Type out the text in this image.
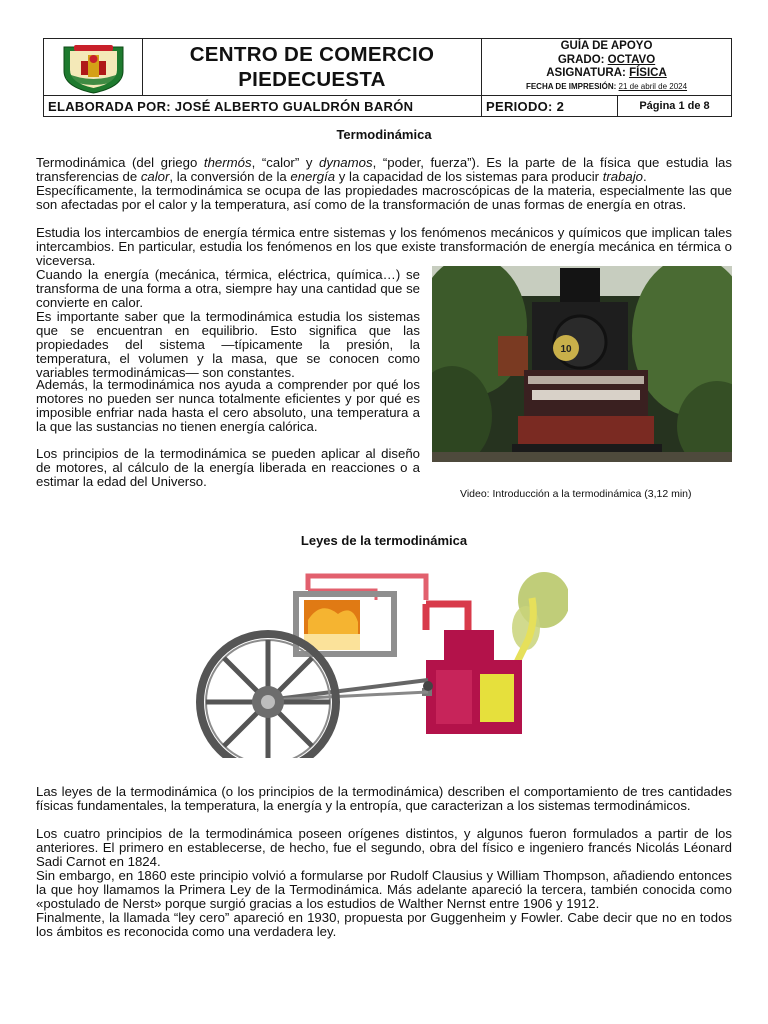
CENTRO DE COMERCIO
PIEDECUESTA
GUÍA DE APOYO
GRADO: OCTAVO
ASIGNATURA: FÍSICA
FECHA DE IMPRESIÓN: 21 de abril de 2024
ELABORADA POR: JOSÉ ALBERTO GUALDRÓN BARÓN	PERIODO: 2	Página 1 de 8
Termodinámica

Termodinámica (del griego thermós, “calor” y dynamos, “poder, fuerza”). Es la parte de la física que estudia las transferencias de calor, la conversión de la energía y la capacidad de los sistemas para producir trabajo.

Específicamente, la termodinámica se ocupa de las propiedades macroscópicas de la materia, especialmente las que son afectadas por el calor y la temperatura, así como de la transformación de unas formas de energía en otras.

Estudia los intercambios de energía térmica entre sistemas y los fenómenos mecánicos y químicos que implican tales intercambios. En particular, estudia los fenómenos en los que existe transformación de energía mecánica en térmica o viceversa.

Cuando la energía (mecánica, térmica, eléctrica, química…) se transforma de una forma a otra, siempre hay una cantidad que se convierte en calor.

Es importante saber que la termodinámica estudia los sistemas que se encuentran en equilibrio. Esto significa que las propiedades del sistema —típicamente la presión, la temperatura, el volumen y la masa, que se conocen como variables termodinámicas— son constantes.

Además, la termodinámica nos ayuda a comprender por qué los motores no pueden ser nunca totalmente eficientes y por qué es imposible enfriar nada hasta el cero absoluto, una temperatura a la que las sustancias no tienen energía calórica.

Los principios de la termodinámica se pueden aplicar al diseño de motores, al cálculo de la energía liberada en reacciones o a estimar la edad del Universo.

10
Video: Introducción a la termodinámica (3,12 min)
Leyes de la termodinámica

Las leyes de la termodinámica (o los principios de la termodinámica) describen el comportamiento de tres cantidades físicas fundamentales, la temperatura, la energía y la entropía, que caracterizan a los sistemas termodinámicos.

Los cuatro principios de la termodinámica poseen orígenes distintos, y algunos fueron formulados a partir de los anteriores. El primero en establecerse, de hecho, fue el segundo, obra del físico e ingeniero francés Nicolás Léonard Sadi Carnot en 1824.

Sin embargo, en 1860 este principio volvió a formularse por Rudolf Clausius y William Thompson, añadiendo entonces la que hoy llamamos la Primera Ley de la Termodinámica. Más adelante apareció la tercera, también conocida como «postulado de Nerst» porque surgió gracias a los estudios de Walther Nernst entre 1906 y 1912.

Finalmente, la llamada “ley cero” apareció en 1930, propuesta por Guggenheim y Fowler. Cabe decir que no en todos los ámbitos es reconocida como una verdadera ley.
